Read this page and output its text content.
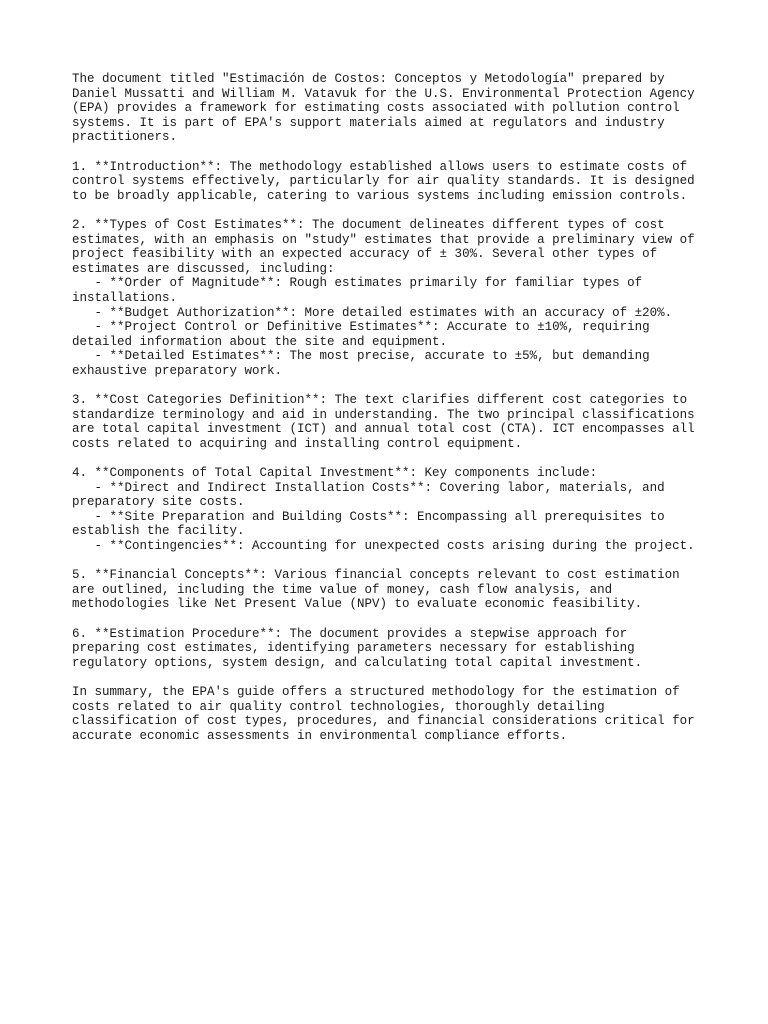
The document titled "Estimación de Costos: Conceptos y Metodología" prepared by
Daniel Mussatti and William M. Vatavuk for the U.S. Environmental Protection Agency
(EPA) provides a framework for estimating costs associated with pollution control
systems. It is part of EPA's support materials aimed at regulators and industry
practitioners.

1. **Introduction**: The methodology established allows users to estimate costs of
control systems effectively, particularly for air quality standards. It is designed
to be broadly applicable, catering to various systems including emission controls.

2. **Types of Cost Estimates**: The document delineates different types of cost
estimates, with an emphasis on "study" estimates that provide a preliminary view of
project feasibility with an expected accuracy of ± 30%. Several other types of
estimates are discussed, including:
- **Order of Magnitude**: Rough estimates primarily for familiar types of
installations.
- **Budget Authorization**: More detailed estimates with an accuracy of ±20%.
- **Project Control or Definitive Estimates**: Accurate to ±10%, requiring
detailed information about the site and equipment.
- **Detailed Estimates**: The most precise, accurate to ±5%, but demanding
exhaustive preparatory work.

3. **Cost Categories Definition**: The text clarifies different cost categories to
standardize terminology and aid in understanding. The two principal classifications
are total capital investment (ICT) and annual total cost (CTA). ICT encompasses all
costs related to acquiring and installing control equipment.

4. **Components of Total Capital Investment**: Key components include:
- **Direct and Indirect Installation Costs**: Covering labor, materials, and
preparatory site costs.
- **Site Preparation and Building Costs**: Encompassing all prerequisites to
establish the facility.
- **Contingencies**: Accounting for unexpected costs arising during the project.

5. **Financial Concepts**: Various financial concepts relevant to cost estimation
are outlined, including the time value of money, cash flow analysis, and
methodologies like Net Present Value (NPV) to evaluate economic feasibility.

6. **Estimation Procedure**: The document provides a stepwise approach for
preparing cost estimates, identifying parameters necessary for establishing
regulatory options, system design, and calculating total capital investment.

In summary, the EPA's guide offers a structured methodology for the estimation of
costs related to air quality control technologies, thoroughly detailing
classification of cost types, procedures, and financial considerations critical for
accurate economic assessments in environmental compliance efforts.
